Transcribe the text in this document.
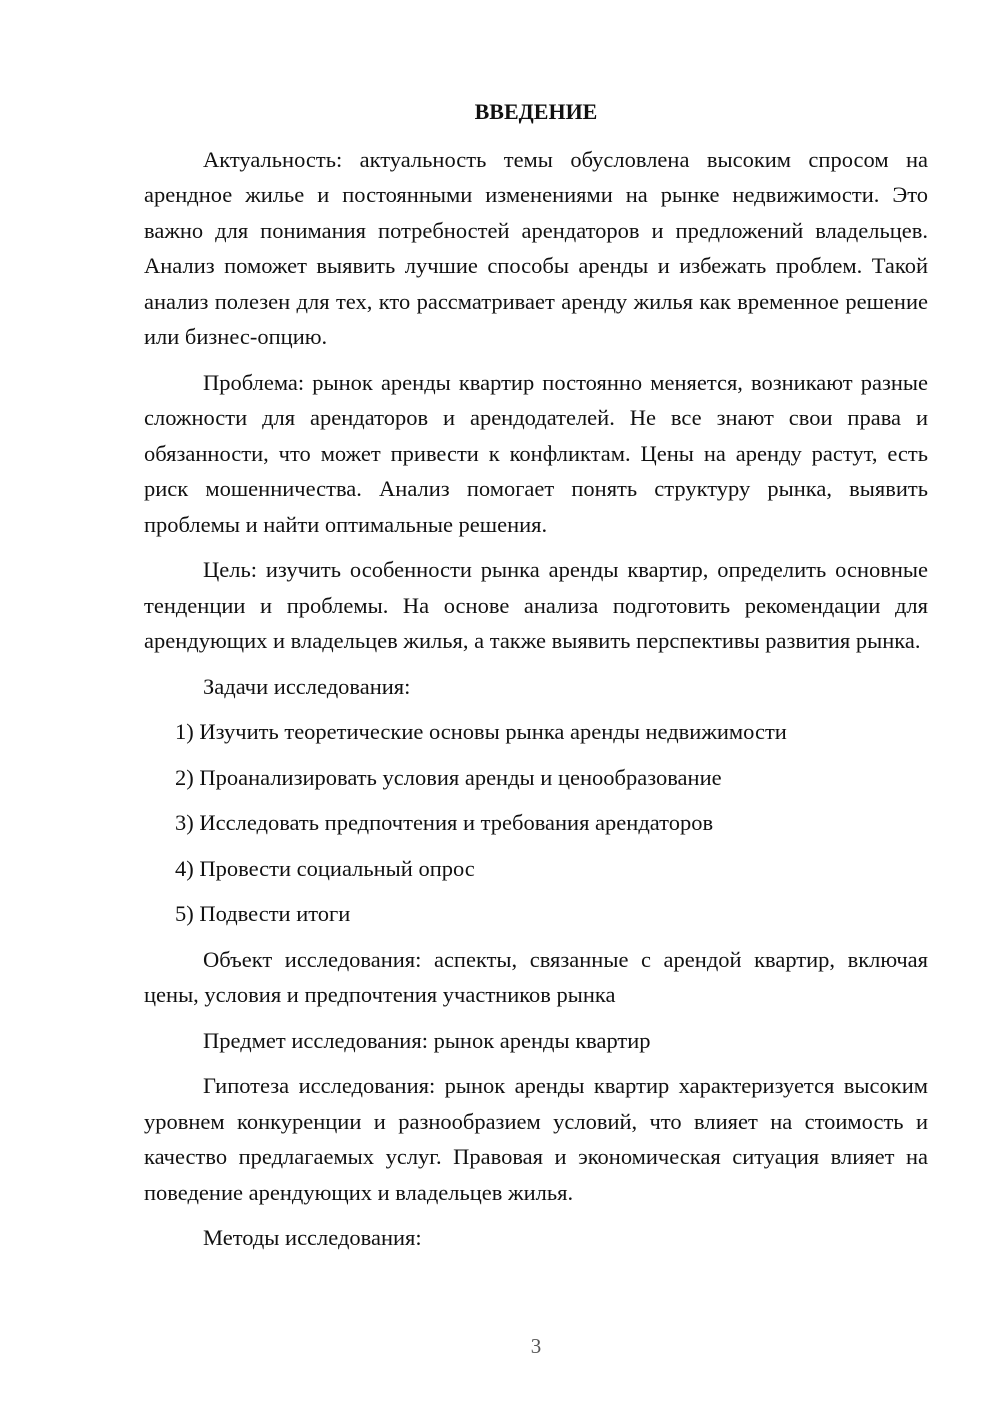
ВВЕДЕНИЕ

Актуальность: актуальность темы обусловлена высоким спросом на арендное жилье и постоянными изменениями на рынке недвижимости. Это важно для понимания потребностей арендаторов и предложений владельцев. Анализ поможет выявить лучшие способы аренды и избежать проблем. Такой анализ полезен для тех, кто рассматривает аренду жилья как временное решение или бизнес-опцию.

Проблема: рынок аренды квартир постоянно меняется, возникают разные сложности для арендаторов и арендодателей. Не все знают свои права и обязанности, что может привести к конфликтам. Цены на аренду растут, есть риск мошенничества. Анализ помогает понять структуру рынка, выявить проблемы и найти оптимальные решения.

Цель: изучить особенности рынка аренды квартир, определить основные тенденции и проблемы. На основе анализа подготовить рекомендации для арендующих и владельцев жилья, а также выявить перспективы развития рынка.

Задачи исследования:

1) Изучить теоретические основы рынка аренды недвижимости
2) Проанализировать условия аренды и ценообразование
3) Исследовать предпочтения и требования арендаторов
4) Провести социальный опрос
5) Подвести итоги

Объект исследования: аспекты, связанные с арендой квартир, включая цены, условия и предпочтения участников рынка

Предмет исследования: рынок аренды квартир

Гипотеза исследования: рынок аренды квартир характеризуется высоким уровнем конкуренции и разнообразием условий, что влияет на стоимость и качество предлагаемых услуг. Правовая и экономическая ситуация влияет на поведение арендующих и владельцев жилья.

Методы исследования:

3
